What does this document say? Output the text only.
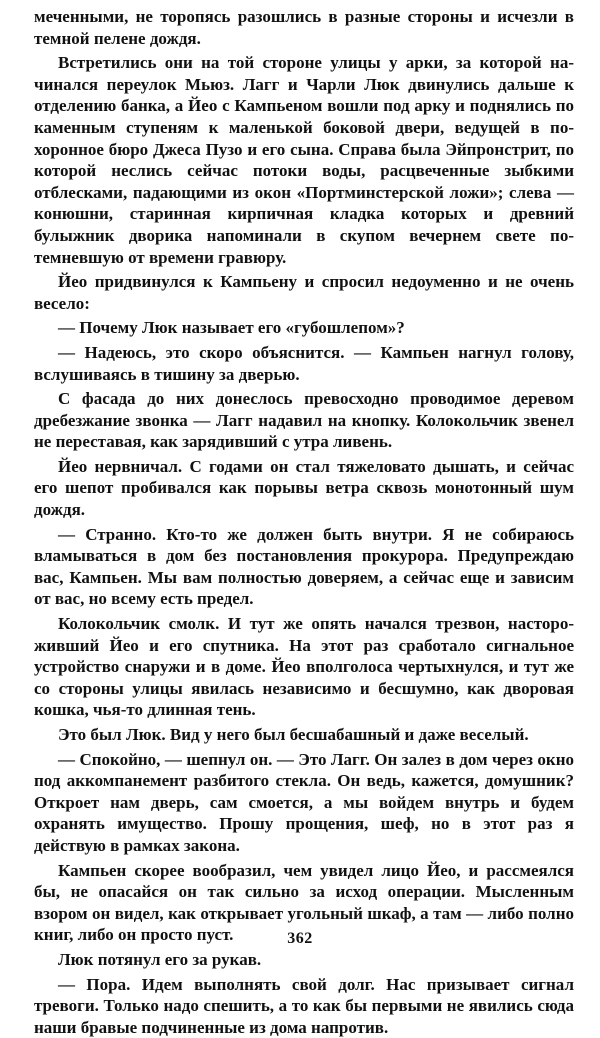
меченными, не торопясь разошлись в разные стороны и исчезли в темной пелене дождя.

Встретились они на той стороне улицы у арки, за которой начинался переулок Мьюз. Лагг и Чарли Люк двинулись дальше к отделению банка, а Йео с Кампьеном вошли под арку и поднялись по каменным ступеням к маленькой боковой двери, ведущей в похоронное бюро Джеса Пузо и его сына. Справа была Эйпронстрит, по которой неслись сейчас потоки воды, расцвеченные зыбкими отблесками, падающими из окон «Портминстерской ложи»; слева — конюшни, старинная кирпичная кладка которых и древний булыжник дворика напоминали в скупом вечернем свете потемневшую от времени гравюру.

Йео придвинулся к Кампьену и спросил недоуменно и не очень весело:

— Почему Люк называет его «губошлепом»?

— Надеюсь, это скоро объяснится. — Кампьен нагнул голову, вслушиваясь в тишину за дверью.

С фасада до них донеслось превосходно проводимое деревом дребезжание звонка — Лагг надавил на кнопку. Колокольчик звенел не переставая, как зарядивший с утра ливень.

Йео нервничал. С годами он стал тяжеловато дышать, и сейчас его шепот пробивался как порывы ветра сквозь монотонный шум дождя.

— Странно. Кто-то же должен быть внутри. Я не собираюсь вламываться в дом без постановления прокурора. Предупреждаю вас, Кампьен. Мы вам полностью доверяем, а сейчас еще и зависим от вас, но всему есть предел.

Колокольчик смолк. И тут же опять начался трезвон, настороживший Йео и его спутника. На этот раз сработало сигнальное устройство снаружи и в доме. Йео вполголоса чертыхнулся, и тут же со стороны улицы явилась независимо и бесшумно, как дворовая кошка, чья-то длинная тень.

Это был Люк. Вид у него был бесшабашный и даже веселый.

— Спокойно, — шепнул он. — Это Лагг. Он залез в дом через окно под аккомпанемент разбитого стекла. Он ведь, кажется, домушник? Откроет нам дверь, сам смоется, а мы войдем внутрь и будем охранять имущество. Прошу прощения, шеф, но в этот раз я действую в рамках закона.

Кампьен скорее вообразил, чем увидел лицо Йео, и рассмеялся бы, не опасайся он так сильно за исход операции. Мысленным взором он видел, как открывает угольный шкаф, а там — либо полно книг, либо он просто пуст.

Люк потянул его за рукав.

— Пора. Идем выполнять свой долг. Нас призывает сигнал тревоги. Только надо спешить, а то как бы первыми не явились сюда наши бравые подчиненные из дома напротив.

362
